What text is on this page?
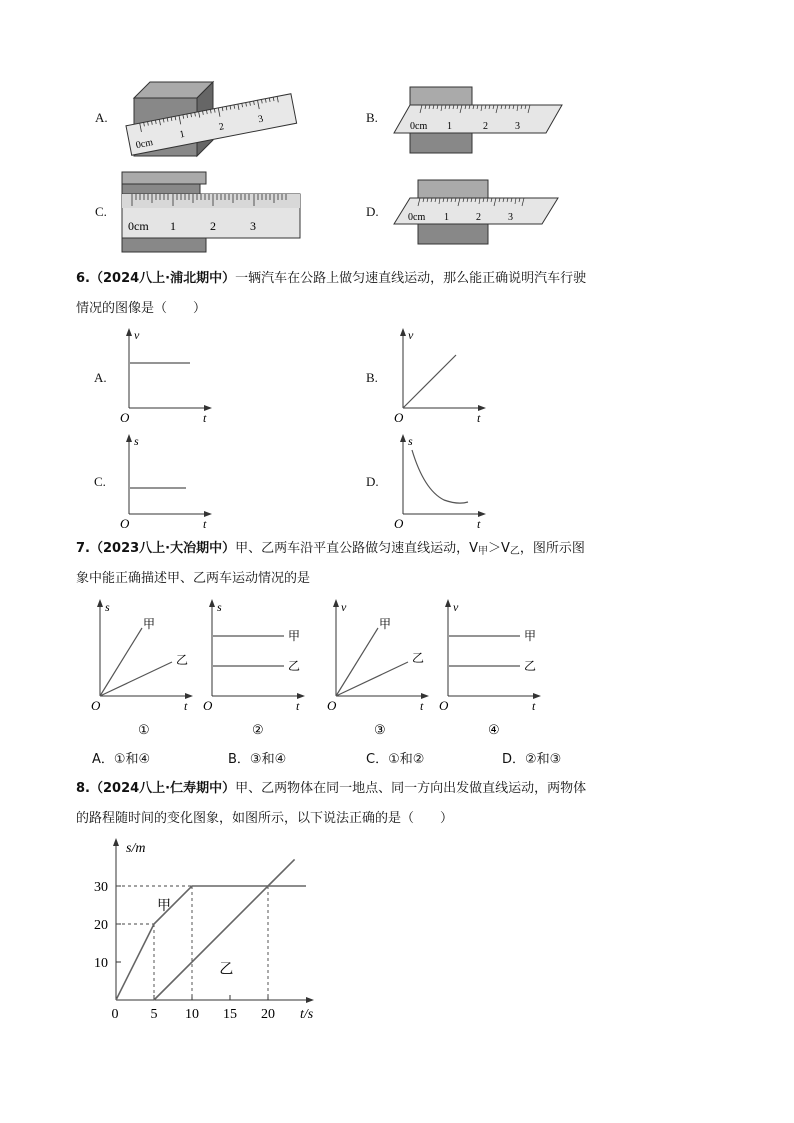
A.
0cm
1
2
3	B.
0cm 1	2	3
C.
0cm 1	2	3
D.	0cm 1	2	3
6.（2024八上·浦北期中）一辆汽车在公路上做匀速直线运动，那么能正确说明汽车行驶
情况的图像是（　　）
A.
v
O	t
B.
v
O	t
C.
s
O	t
D.
s
O	t
7.（2023八上·大冶期中）甲、乙两车沿平直公路做匀速直线运动，V甲＞V乙，图所示图
象中能正确描述甲、乙两车运动情况的是
s
甲
乙
O	t
①
s
甲
乙
O	t
②
v
甲
乙
O	t
③
v
甲
乙
O	t
④
A．①和④	B．③和④	C．①和②	D．②和③
8.（2024八上·仁寿期中）甲、乙两物体在同一地点、同一方向出发做直线运动，两物体
的路程随时间的变化图象，如图所示，以下说法正确的是（　　）
s/m
t/s
0 5 10 15 20
10
20
30
甲
乙
